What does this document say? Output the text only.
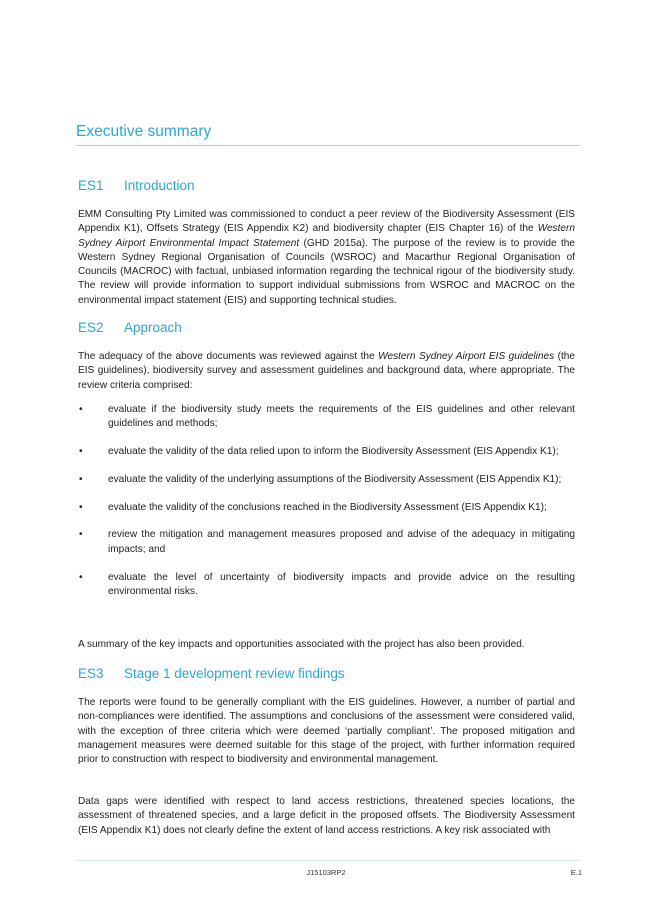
Executive summary
ES1 Introduction

EMM Consulting Pty Limited was commissioned to conduct a peer review of the Biodiversity Assessment (EIS Appendix K1), Offsets Strategy (EIS Appendix K2) and biodiversity chapter (EIS Chapter 16) of the Western Sydney Airport Environmental Impact Statement (GHD 2015a). The purpose of the review is to provide the Western Sydney Regional Organisation of Councils (WSROC) and Macarthur Regional Organisation of Councils (MACROC) with factual, unbiased information regarding the technical rigour of the biodiversity study. The review will provide information to support individual submissions from WSROC and MACROC on the environmental impact statement (EIS) and supporting technical studies.

ES2 Approach

The adequacy of the above documents was reviewed against the Western Sydney Airport EIS guidelines (the EIS guidelines), biodiversity survey and assessment guidelines and background data, where appropriate. The review criteria comprised:

•	evaluate if the biodiversity study meets the requirements of the EIS guidelines and other relevant guidelines and methods;
•	evaluate the validity of the data relied upon to inform the Biodiversity Assessment (EIS Appendix K1);
•	evaluate the validity of the underlying assumptions of the Biodiversity Assessment (EIS Appendix K1);
•	evaluate the validity of the conclusions reached in the Biodiversity Assessment (EIS Appendix K1);
•	review the mitigation and management measures proposed and advise of the adequacy in mitigating impacts; and
•	evaluate the level of uncertainty of biodiversity impacts and provide advice on the resulting environmental risks.

A summary of the key impacts and opportunities associated with the project has also been provided.

ES3 Stage 1 development review findings

The reports were found to be generally compliant with the EIS guidelines. However, a number of partial and non-compliances were identified. The assumptions and conclusions of the assessment were considered valid, with the exception of three criteria which were deemed ‘partially compliant’. The proposed mitigation and management measures were deemed suitable for this stage of the project, with further information required prior to construction with respect to biodiversity and environmental management.

Data gaps were identified with respect to land access restrictions, threatened species locations, the assessment of threatened species, and a large deficit in the proposed offsets. The Biodiversity Assessment (EIS Appendix K1) does not clearly define the extent of land access restrictions. A key risk associated with

J15103RP2	E.1
